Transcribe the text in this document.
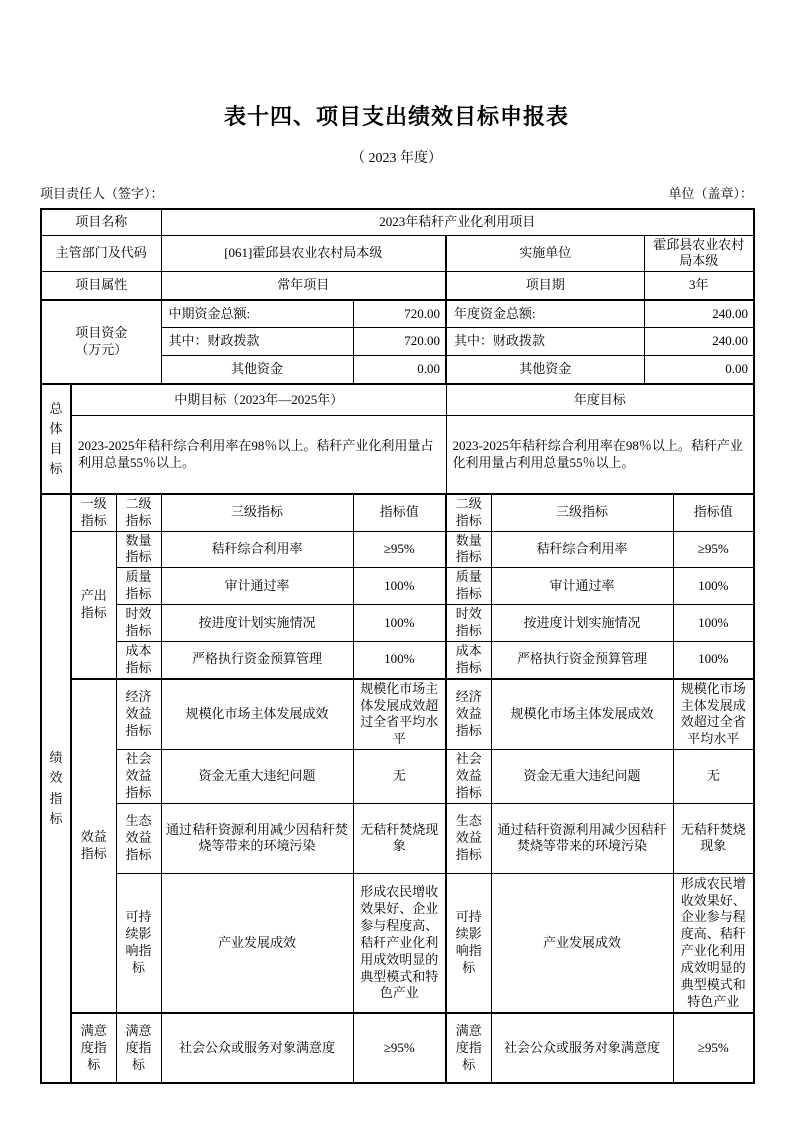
表十四、项目支出绩效目标申报表
（ 2023 年度）
项目责任人（签字）：	单位（盖章）：
项目名称			2023年秸秆产业化利用项目					
主管部门及代码			[061]霍邱县农业农村局本级		实施单位		霍邱县农业农村局本级	
项目属性			常年项目		项目期		3年	

项目资金
（万元）			中期资金总额:	720.00	年度资金总额:		240.00	
			其中：财政拨款	720.00	其中：财政拨款		240.00	
			其他资金	0.00	其他资金		0.00	
总体目标	中期目标（2023年—2025年）				年度目标			
	2023-2025年秸秆综合利用率在98％以上。秸秆产业化利用量占利用总量55％以上。				2023-2025年秸秆综合利用率在98％以上。秸秆产业化利用量占利用总量55％以上。			
绩效指标	一级指标	二级指标	三级指标	指标值	二级指标	三级指标		指标值
	产出指标	数量指标	秸秆综合利用率	≥95%	数量指标	秸秆综合利用率		≥95%
		质量指标	审计通过率	100%	质量指标	审计通过率		100%
		时效指标	按进度计划实施情况	100%	时效指标	按进度计划实施情况		100%
		成本指标	严格执行资金预算管理	100%	成本指标	严格执行资金预算管理		100%
	效益指标	经济效益指标	规模化市场主体发展成效	规模化市场主体发展成效超过全省平均水平	经济效益指标	规模化市场主体发展成效		规模化市场主体发展成效超过全省平均水平
		社会效益指标	资金无重大违纪问题	无	社会效益指标	资金无重大违纪问题		无
		生态效益指标	通过秸秆资源利用减少因秸秆焚烧等带来的环境污染	无秸秆焚烧现象	生态效益指标	通过秸秆资源利用减少因秸秆焚烧等带来的环境污染		无秸秆焚烧现象
		可持续影响指标	产业发展成效	形成农民增收效果好、企业参与程度高、秸秆产业化利用成效明显的典型模式和特色产业	可持续影响指标	产业发展成效		形成农民增收效果好、企业参与程度高、秸秆产业化利用成效明显的典型模式和特色产业
	满意度指标	满意度指标	社会公众或服务对象满意度	≥95%	满意度指标	社会公众或服务对象满意度		≥95%
